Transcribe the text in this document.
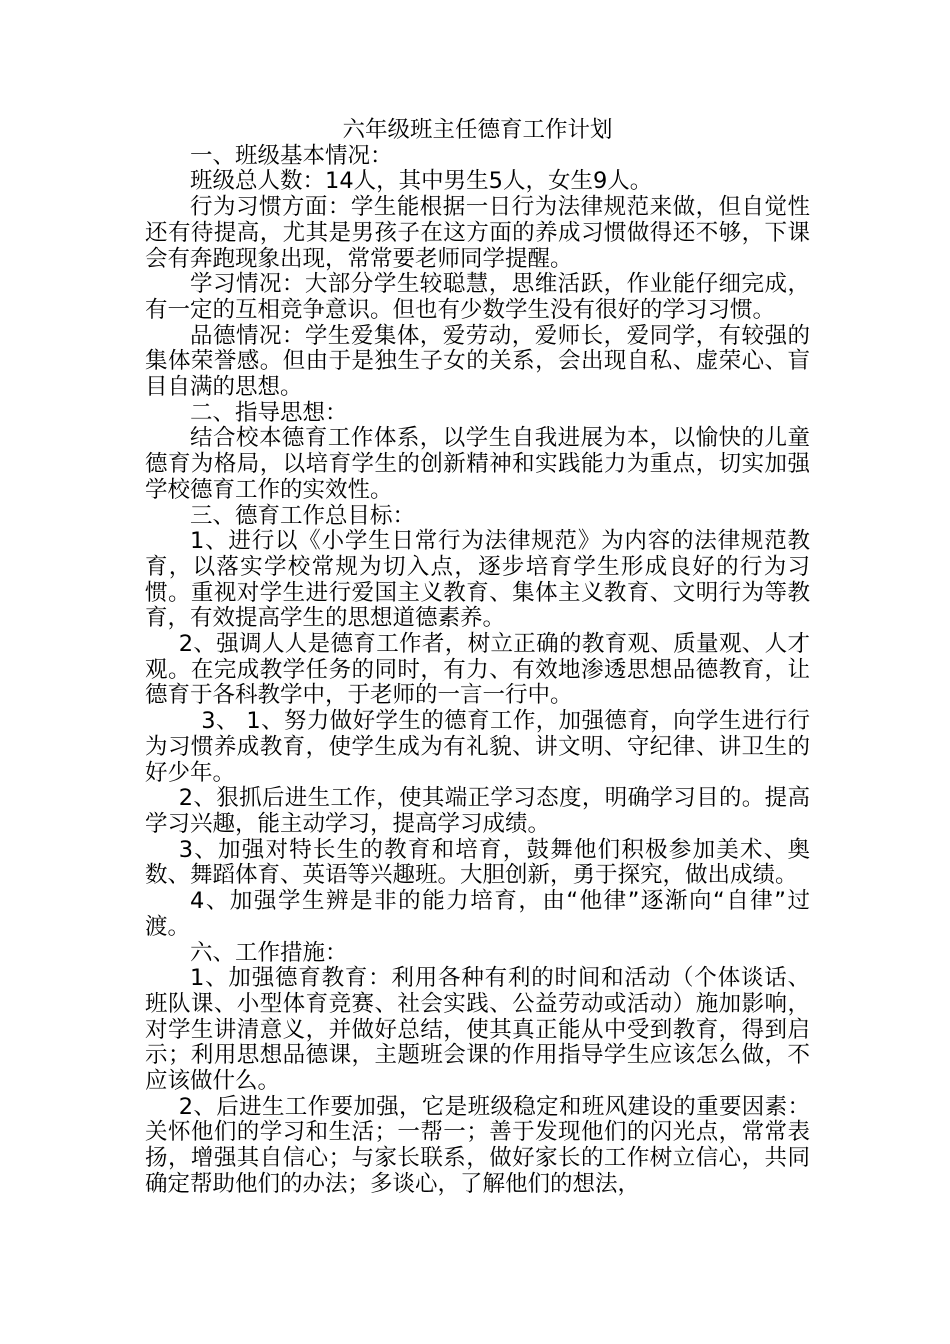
六年级班主任德育工作计划

一、班级基本情况：

班级总人数：14人，其中男生5人，女生9人。

行为习惯方面：学生能根据一日行为法律规范来做，但自觉性还有待提高，尤其是男孩子在这方面的养成习惯做得还不够，下课会有奔跑现象出现，常常要老师同学提醒。

学习情况：大部分学生较聪慧，思维活跃，作业能仔细完成，有一定的互相竞争意识。但也有少数学生没有很好的学习习惯。

品德情况：学生爱集体，爱劳动，爱师长，爱同学，有较强的集体荣誉感。但由于是独生子女的关系，会出现自私、虚荣心、盲目自满的思想。

二、指导思想：

结合校本德育工作体系，以学生自我进展为本，以愉快的儿童德育为格局，以培育学生的创新精神和实践能力为重点，切实加强学校德育工作的实效性。

三、德育工作总目标：

1、进行以《小学生日常行为法律规范》为内容的法律规范教育，以落实学校常规为切入点，逐步培育学生形成良好的行为习惯。重视对学生进行爱国主义教育、集体主义教育、文明行为等教育，有效提高学生的思想道德素养。

2、强调人人是德育工作者，树立正确的教育观、质量观、人才观。在完成教学任务的同时，有力、有效地渗透思想品德教育，让德育于各科教学中，于老师的一言一行中。

3、 1、努力做好学生的德育工作，加强德育，向学生进行行为习惯养成教育，使学生成为有礼貌、讲文明、守纪律、讲卫生的好少年。

2、狠抓后进生工作，使其端正学习态度，明确学习目的。提高学习兴趣，能主动学习，提高学习成绩。

3、加强对特长生的教育和培育，鼓舞他们积极参加美术、奥数、舞蹈体育、英语等兴趣班。大胆创新，勇于探究，做出成绩。

4、加强学生辨是非的能力培育，由“他律”逐渐向“自律”过渡。

六、工作措施：

1、加强德育教育：利用各种有利的时间和活动（个体谈话、班队课、小型体育竞赛、社会实践、公益劳动或活动）施加影响，对学生讲清意义，并做好总结，使其真正能从中受到教育，得到启示；利用思想品德课，主题班会课的作用指导学生应该怎么做，不应该做什么。

2、后进生工作要加强，它是班级稳定和班风建设的重要因素：关怀他们的学习和生活；一帮一；善于发现他们的闪光点，常常表扬，增强其自信心；与家长联系，做好家长的工作树立信心，共同确定帮助他们的办法；多谈心，了解他们的想法，
